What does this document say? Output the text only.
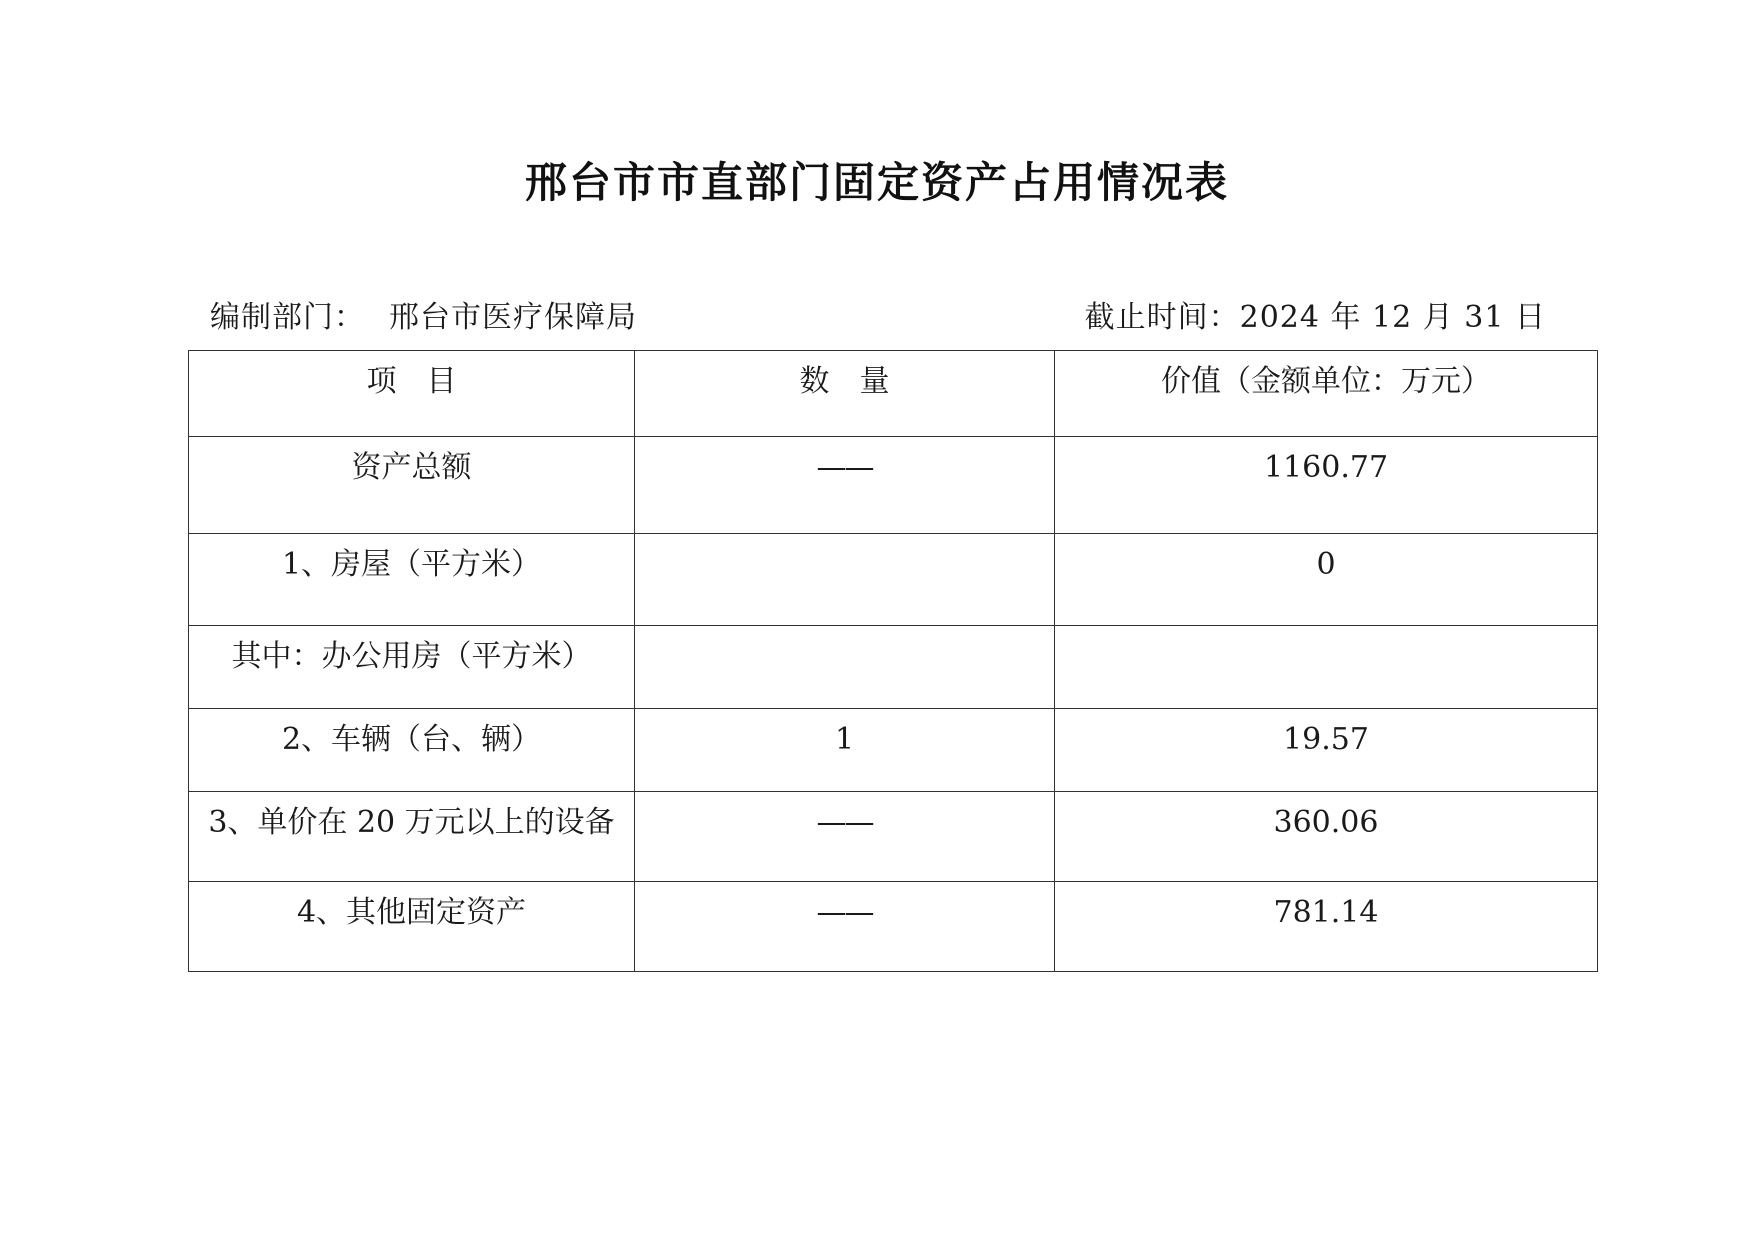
邢台市市直部门固定资产占用情况表
编制部门： 邢台市医疗保障局	截止时间：2024 年 12 月 31 日
项　目	数　量	价值（金额单位：万元）
资产总额	——	1160.77
1、房屋（平方米）		0
其中：办公用房（平方米）		
2、车辆（台、辆）	1	19.57
3、单价在 20 万元以上的设备	——	360.06
4、其他固定资产	——	781.14
